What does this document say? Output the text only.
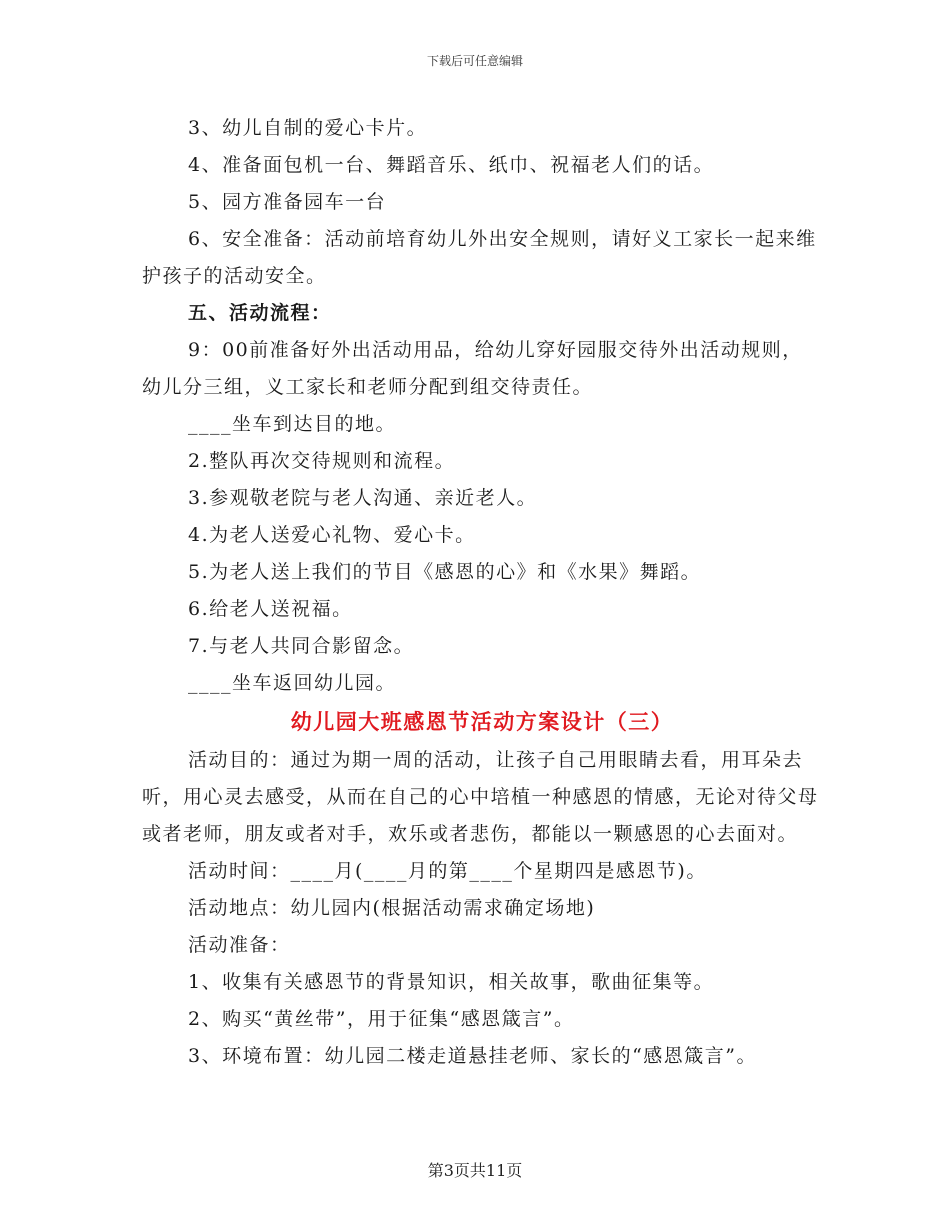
下载后可任意编辑

3、幼儿自制的爱心卡片。

4、准备面包机一台、舞蹈音乐、纸巾、祝福老人们的话。

5、园方准备园车一台

6、安全准备：活动前培育幼儿外出安全规则，请好义工家长一起来维护孩子的活动安全。

五、活动流程：

9：00前准备好外出活动用品，给幼儿穿好园服交待外出活动规则，幼儿分三组，义工家长和老师分配到组交待责任。

____坐车到达目的地。

2.整队再次交待规则和流程。

3.参观敬老院与老人沟通、亲近老人。

4.为老人送爱心礼物、爱心卡。

5.为老人送上我们的节目《感恩的心》和《水果》舞蹈。

6.给老人送祝福。

7.与老人共同合影留念。

____坐车返回幼儿园。

幼儿园大班感恩节活动方案设计（三）

活动目的：通过为期一周的活动，让孩子自己用眼睛去看，用耳朵去听，用心灵去感受，从而在自己的心中培植一种感恩的情感，无论对待父母或者老师，朋友或者对手，欢乐或者悲伤，都能以一颗感恩的心去面对。

活动时间：____月(____月的第____个星期四是感恩节)。

活动地点：幼儿园内(根据活动需求确定场地)

活动准备：

1、收集有关感恩节的背景知识，相关故事，歌曲征集等。

2、购买“黄丝带”，用于征集“感恩箴言”。

3、环境布置：幼儿园二楼走道悬挂老师、家长的“感恩箴言”。

第3页共11页
